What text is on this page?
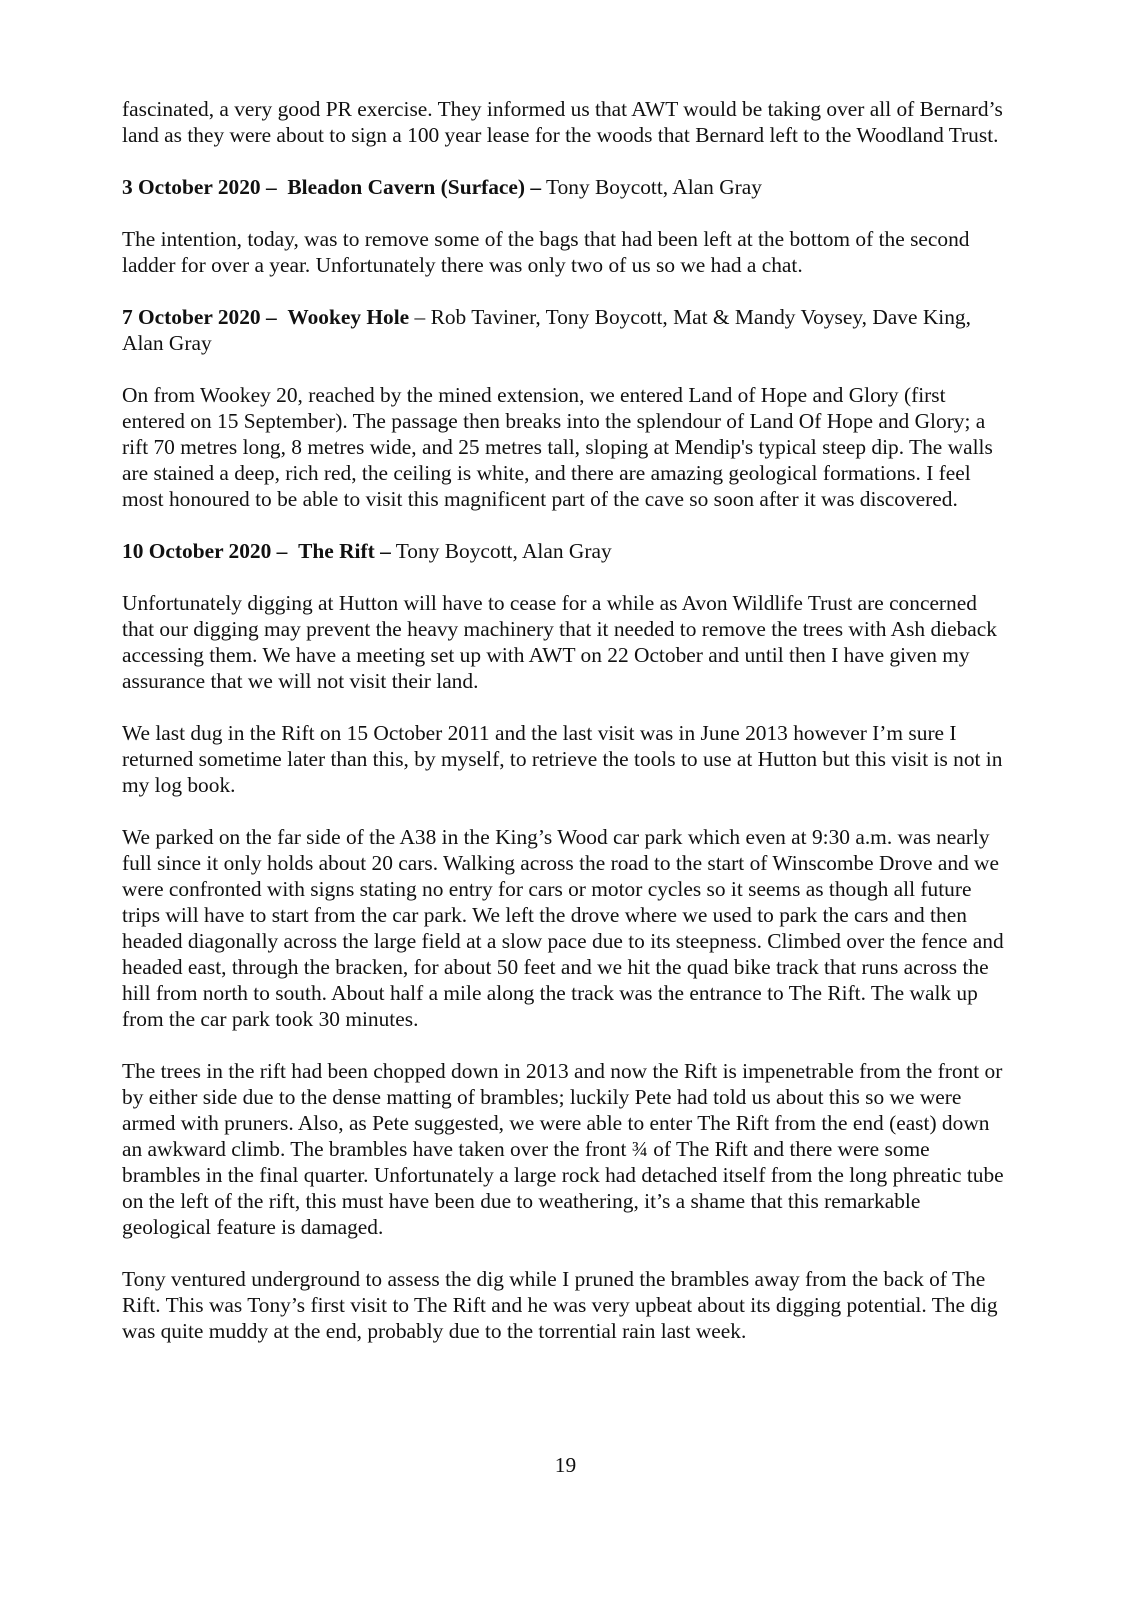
fascinated, a very good PR exercise. They informed us that AWT would be taking over all of Bernard’s land as they were about to sign a 100 year lease for the woods that Bernard left to the Woodland Trust.

3 October 2020 – Bleadon Cavern (Surface) – Tony Boycott, Alan Gray

The intention, today, was to remove some of the bags that had been left at the bottom of the second ladder for over a year. Unfortunately there was only two of us so we had a chat.

7 October 2020 – Wookey Hole – Rob Taviner, Tony Boycott, Mat & Mandy Voysey, Dave King, Alan Gray

On from Wookey 20, reached by the mined extension, we entered Land of Hope and Glory (first entered on 15 September). The passage then breaks into the splendour of Land Of Hope and Glory; a rift 70 metres long, 8 metres wide, and 25 metres tall, sloping at Mendip's typical steep dip. The walls are stained a deep, rich red, the ceiling is white, and there are amazing geological formations. I feel most honoured to be able to visit this magnificent part of the cave so soon after it was discovered.

10 October 2020 – The Rift – Tony Boycott, Alan Gray

Unfortunately digging at Hutton will have to cease for a while as Avon Wildlife Trust are concerned that our digging may prevent the heavy machinery that it needed to remove the trees with Ash dieback accessing them. We have a meeting set up with AWT on 22 October and until then I have given my assurance that we will not visit their land.

We last dug in the Rift on 15 October 2011 and the last visit was in June 2013 however I’m sure I returned sometime later than this, by myself, to retrieve the tools to use at Hutton but this visit is not in my log book.

We parked on the far side of the A38 in the King’s Wood car park which even at 9:30 a.m. was nearly full since it only holds about 20 cars. Walking across the road to the start of Winscombe Drove and we were confronted with signs stating no entry for cars or motor cycles so it seems as though all future trips will have to start from the car park. We left the drove where we used to park the cars and then headed diagonally across the large field at a slow pace due to its steepness. Climbed over the fence and headed east, through the bracken, for about 50 feet and we hit the quad bike track that runs across the hill from north to south. About half a mile along the track was the entrance to The Rift. The walk up from the car park took 30 minutes.

The trees in the rift had been chopped down in 2013 and now the Rift is impenetrable from the front or by either side due to the dense matting of brambles; luckily Pete had told us about this so we were armed with pruners. Also, as Pete suggested, we were able to enter The Rift from the end (east) down an awkward climb. The brambles have taken over the front ¾ of The Rift and there were some brambles in the final quarter. Unfortunately a large rock had detached itself from the long phreatic tube on the left of the rift, this must have been due to weathering, it’s a shame that this remarkable geological feature is damaged.

Tony ventured underground to assess the dig while I pruned the brambles away from the back of The Rift. This was Tony’s first visit to The Rift and he was very upbeat about its digging potential. The dig was quite muddy at the end, probably due to the torrential rain last week.

19
